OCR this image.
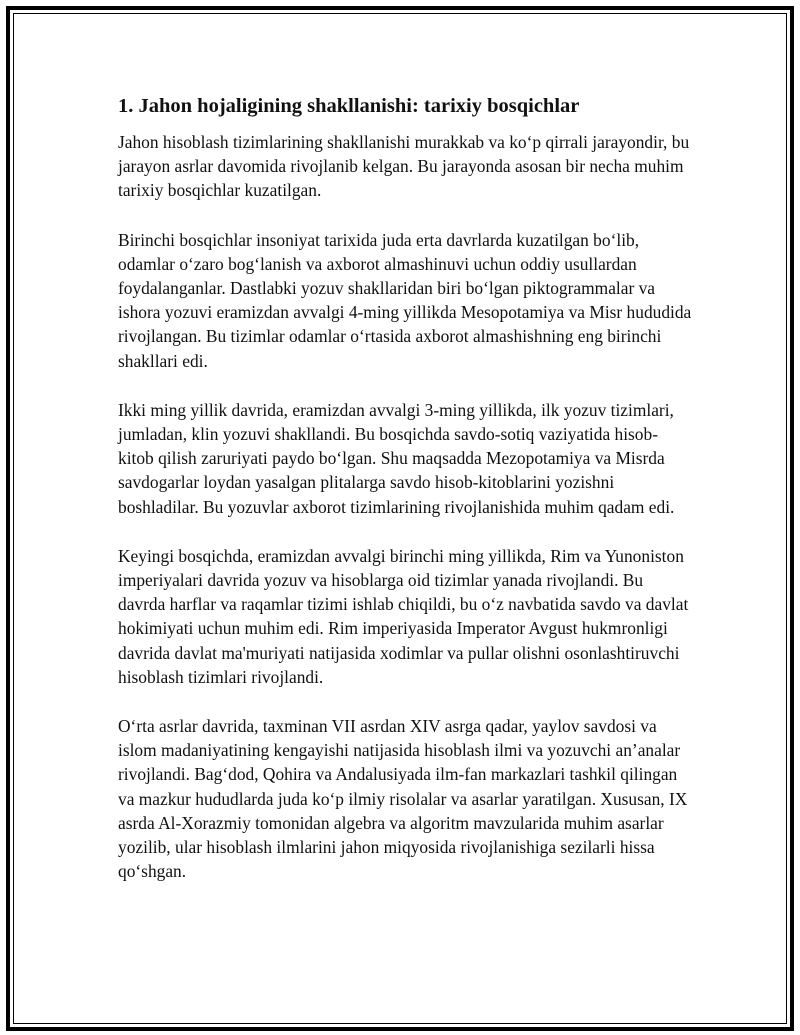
1. Jahon hojaligining shakllanishi: tarixiy bosqichlar

Jahon hisoblash tizimlarining shakllanishi murakkab va ko‘p qirrali jarayondir, bu jarayon asrlar davomida rivojlanib kelgan. Bu jarayonda asosan bir necha muhim tarixiy bosqichlar kuzatilgan.

Birinchi bosqichlar insoniyat tarixida juda erta davrlarda kuzatilgan bo‘lib, odamlar o‘zaro bog‘lanish va axborot almashinuvi uchun oddiy usullardan foydalanganlar. Dastlabki yozuv shakllaridan biri bo‘lgan piktogrammalar va ishora yozuvi eramizdan avvalgi 4-ming yillikda Mesopotamiya va Misr hududida rivojlangan. Bu tizimlar odamlar o‘rtasida axborot almashishning eng birinchi shakllari edi.

Ikki ming yillik davrida, eramizdan avvalgi 3-ming yillikda, ilk yozuv tizimlari, jumladan, klin yozuvi shakllandi. Bu bosqichda savdo-sotiq vaziyatida hisob-kitob qilish zaruriyati paydo bo‘lgan. Shu maqsadda Mezopotamiya va Misrda savdogarlar loydan yasalgan plitalarga savdo hisob-kitoblarini yozishni boshladilar. Bu yozuvlar axborot tizimlarining rivojlanishida muhim qadam edi.

Keyingi bosqichda, eramizdan avvalgi birinchi ming yillikda, Rim va Yunoniston imperiyalari davrida yozuv va hisoblarga oid tizimlar yanada rivojlandi. Bu davrda harflar va raqamlar tizimi ishlab chiqildi, bu o‘z navbatida savdo va davlat hokimiyati uchun muhim edi. Rim imperiyasida Imperator Avgust hukmronligi davrida davlat ma'muriyati natijasida xodimlar va pullar olishni osonlashtiruvchi hisoblash tizimlari rivojlandi.

O‘rta asrlar davrida, taxminan VII asrdan XIV asrga qadar, yaylov savdosi va islom madaniyatining kengayishi natijasida hisoblash ilmi va yozuvchi an’analar rivojlandi. Bag‘dod, Qohira va Andalusiyada ilm-fan markazlari tashkil qilingan va mazkur hududlarda juda ko‘p ilmiy risolalar va asarlar yaratilgan. Xususan, IX asrda Al-Xorazmiy tomonidan algebra va algoritm mavzularida muhim asarlar yozilib, ular hisoblash ilmlarini jahon miqyosida rivojlanishiga sezilarli hissa qo‘shgan.
